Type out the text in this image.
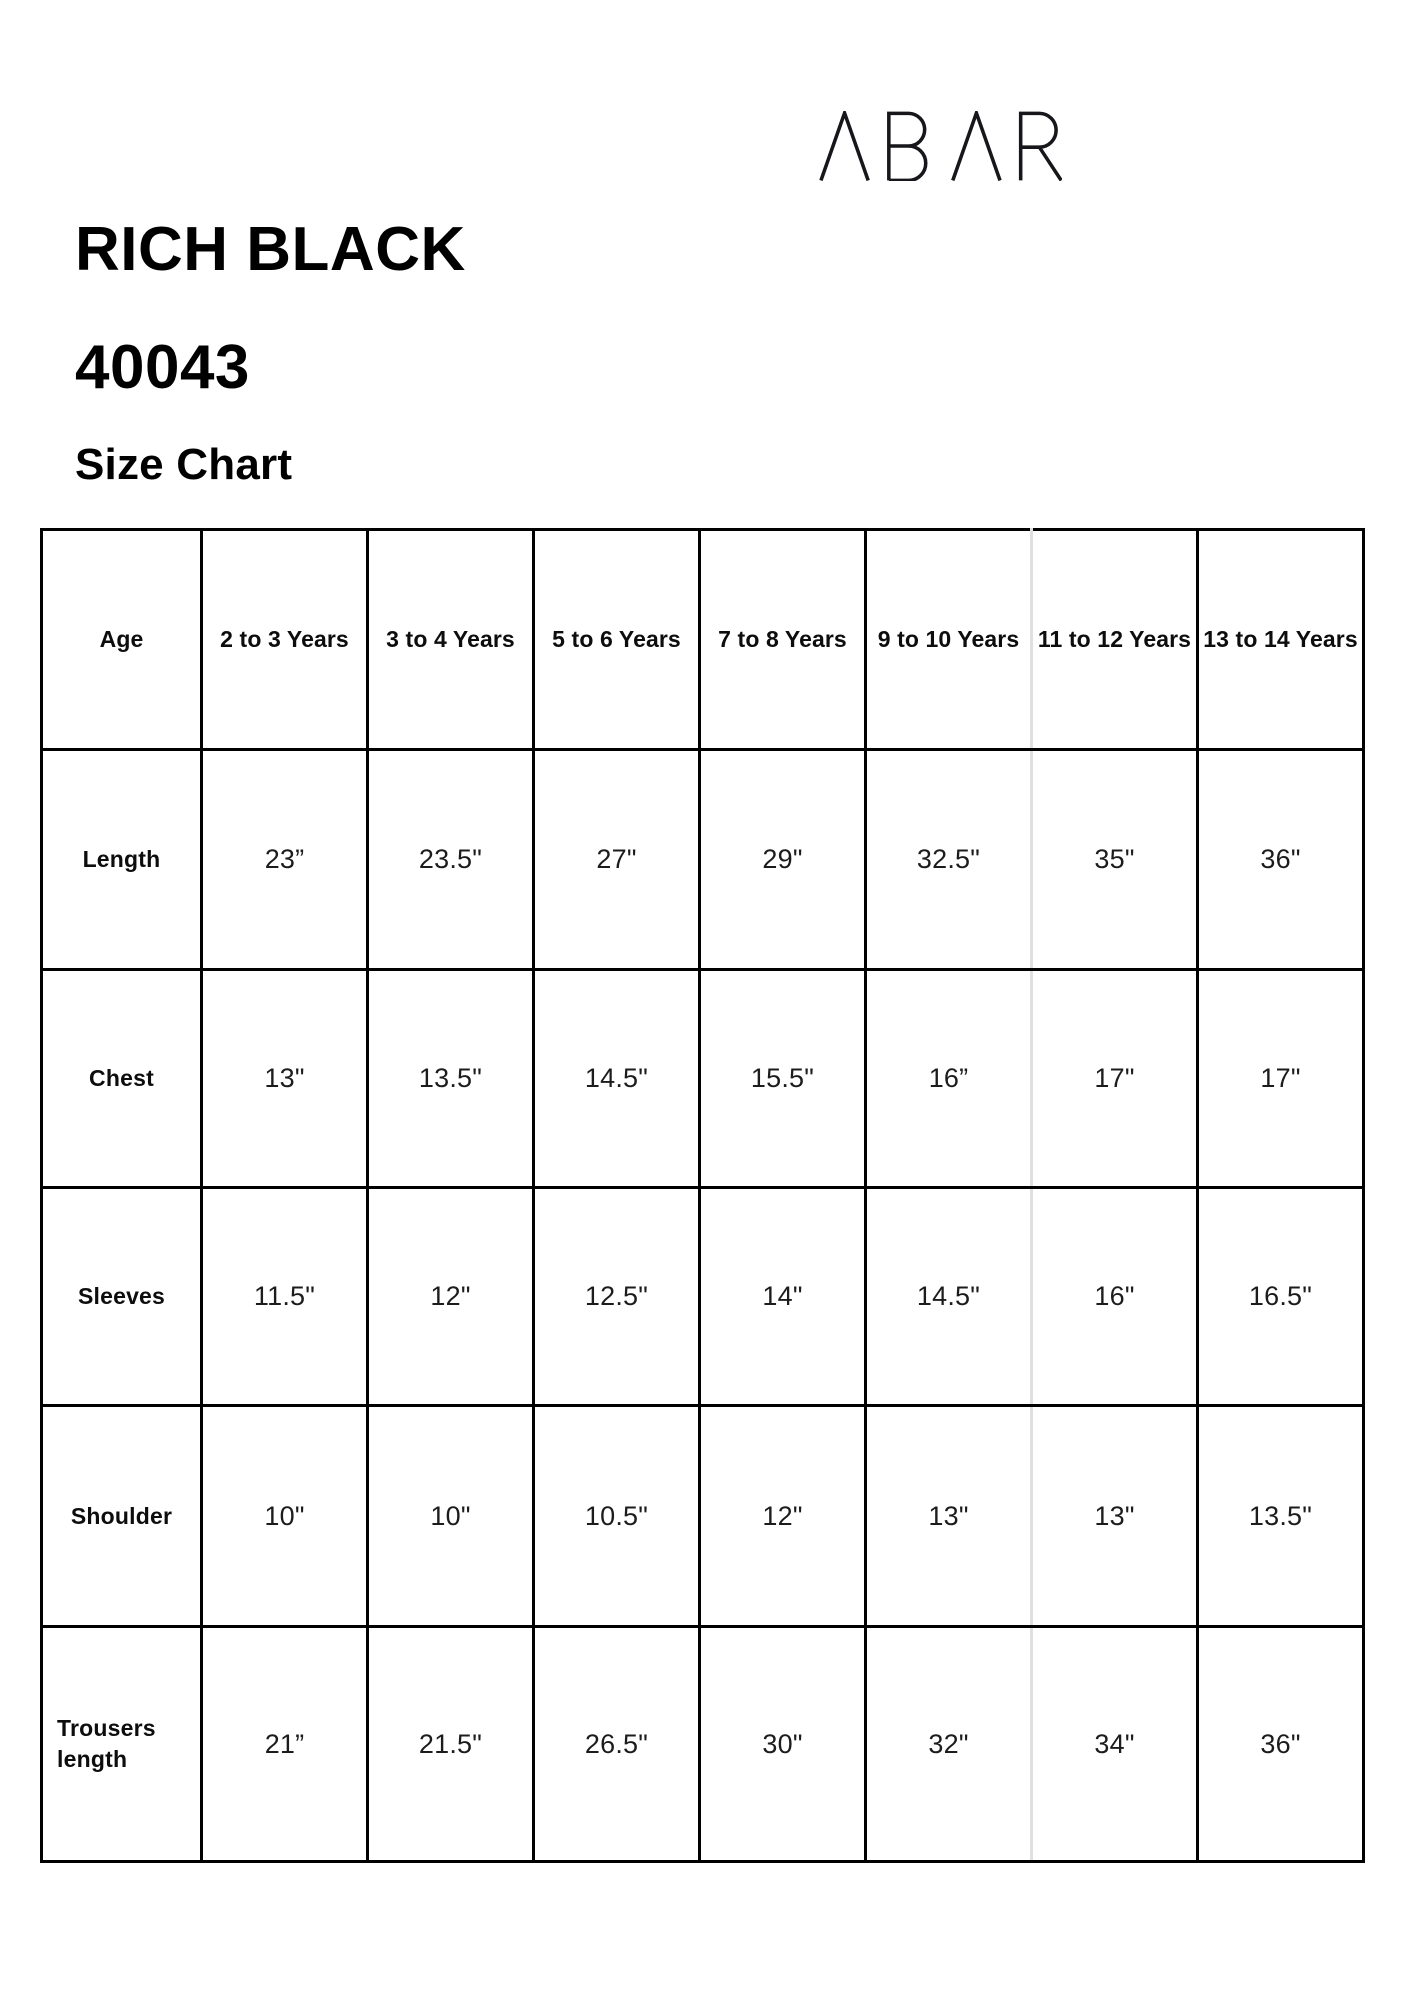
RICH BLACK
40043
Size Chart
Age	2 to 3 Years	3 to 4 Years	5 to 6 Years	7 to 8 Years	9 to 10 Years	11 to 12 Years	13 to 14 Years
Length	23”	23.5"	27"	29"	32.5"	35"	36"
Chest	13"	13.5"	14.5"	15.5"	16”	17"	17"
Sleeves	11.5"	12"	12.5"	14"	14.5"	16"	16.5"
Shoulder	10"	10"	10.5"	12"	13"	13"	13.5"
Trousers length	21”	21.5"	26.5"	30"	32"	34"	36"
